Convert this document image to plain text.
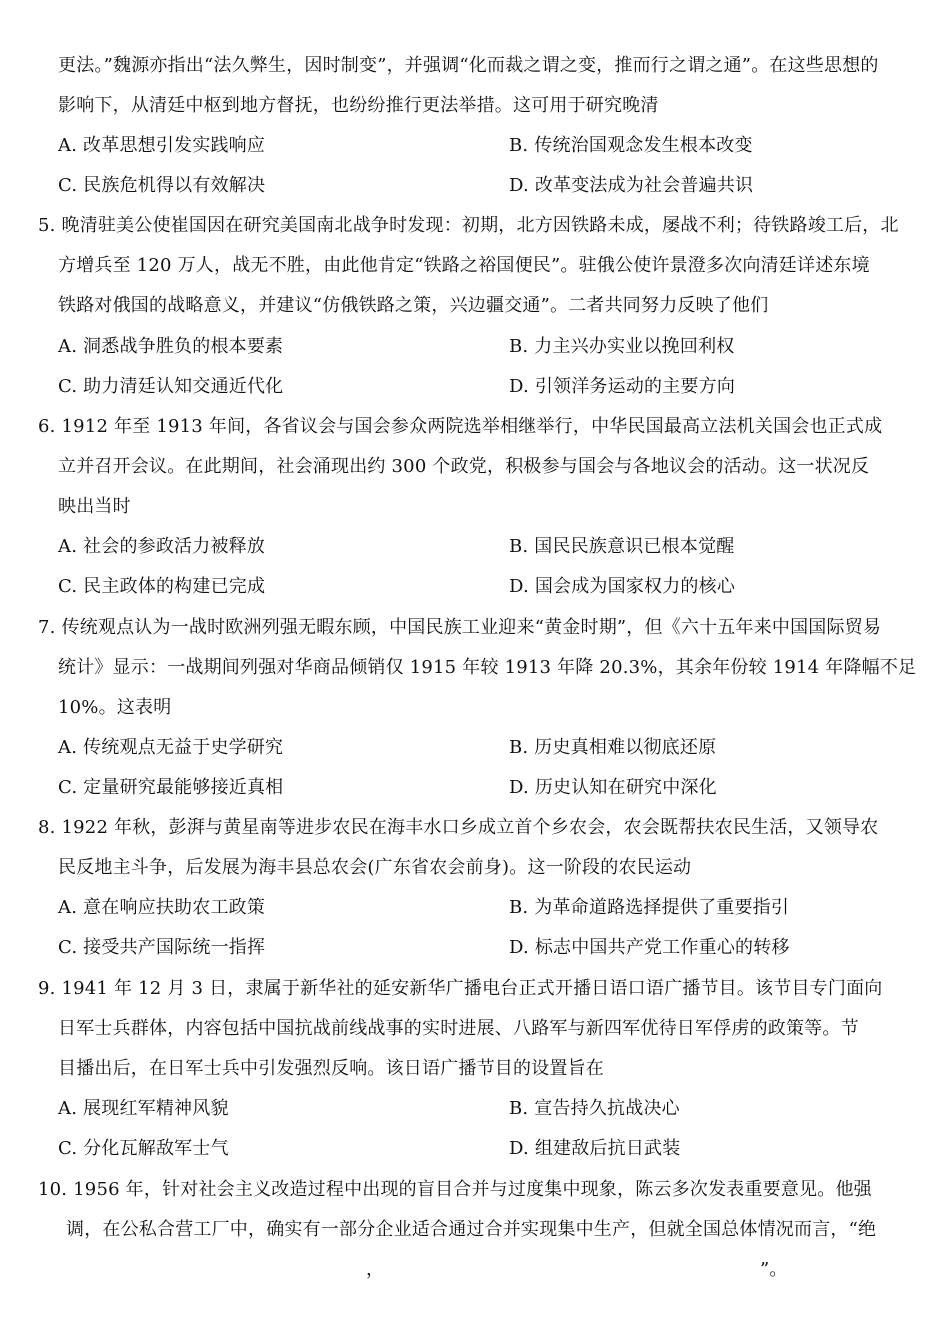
更法。”魏源亦指出“法久弊生，因时制变”，并强调“化而裁之谓之变，推而行之谓之通”。在这些思想的
影响下，从清廷中枢到地方督抚，也纷纷推行更法举措。这可用于研究晚清
A. 改革思想引发实践响应	B. 传统治国观念发生根本改变
C. 民族危机得以有效解决	D. 改革变法成为社会普遍共识
5. 晚清驻美公使崔国因在研究美国南北战争时发现：初期，北方因铁路未成，屡战不利；待铁路竣工后，北
方增兵至 120 万人，战无不胜，由此他肯定“铁路之裕国便民”。驻俄公使许景澄多次向清廷详述东境
铁路对俄国的战略意义，并建议“仿俄铁路之策，兴边疆交通”。二者共同努力反映了他们
A. 洞悉战争胜负的根本要素	B. 力主兴办实业以挽回利权
C. 助力清廷认知交通近代化	D. 引领洋务运动的主要方向
6. 1912 年至 1913 年间，各省议会与国会参众两院选举相继举行，中华民国最高立法机关国会也正式成
立并召开会议。在此期间，社会涌现出约 300 个政党，积极参与国会与各地议会的活动。这一状况反
映出当时
A. 社会的参政活力被释放	B. 国民民族意识已根本觉醒
C. 民主政体的构建已完成	D. 国会成为国家权力的核心
7. 传统观点认为一战时欧洲列强无暇东顾，中国民族工业迎来“黄金时期”，但《六十五年来中国国际贸易
统计》显示：一战期间列强对华商品倾销仅 1915 年较 1913 年降 20.3%，其余年份较 1914 年降幅不足
10%。这表明
A. 传统观点无益于史学研究	B. 历史真相难以彻底还原
C. 定量研究最能够接近真相	D. 历史认知在研究中深化
8. 1922 年秋，彭湃与黄星南等进步农民在海丰水口乡成立首个乡农会，农会既帮扶农民生活，又领导农
民反地主斗争，后发展为海丰县总农会(广东省农会前身)。这一阶段的农民运动
A. 意在响应扶助农工政策	B. 为革命道路选择提供了重要指引
C. 接受共产国际统一指挥	D. 标志中国共产党工作重心的转移
9. 1941 年 12 月 3 日，隶属于新华社的延安新华广播电台正式开播日语口语广播节目。该节目专门面向
日军士兵群体，内容包括中国抗战前线战事的实时进展、八路军与新四军优待日军俘虏的政策等。节
目播出后，在日军士兵中引发强烈反响。该日语广播节目的设置旨在
A. 展现红军精神风貌	B. 宣告持久抗战决心
C. 分化瓦解敌军士气	D. 组建敌后抗日武装
10. 1956 年，针对社会主义改造过程中出现的盲目合并与过度集中现象，陈云多次发表重要意见。他强
调，在公私合营工厂中，确实有一部分企业适合通过合并实现集中生产，但就全国总体情况而言，“绝
，	”。
